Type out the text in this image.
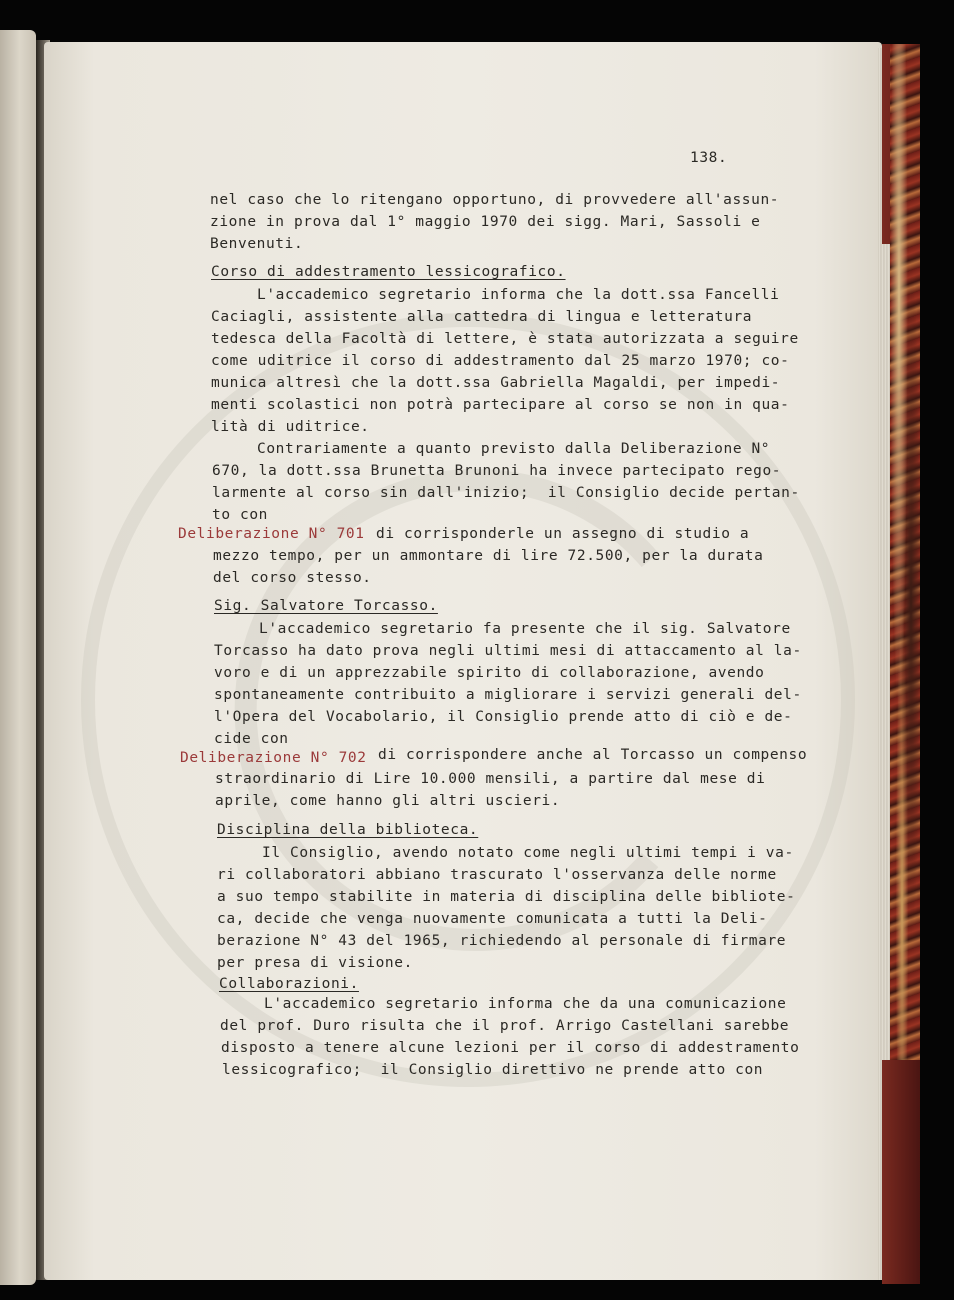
138.
nel caso che lo ritengano opportuno, di provvedere all'assun-
zione in prova dal 1° maggio 1970 dei sigg. Mari, Sassoli e
Benvenuti.
Corso di addestramento lessicografico.
L'accademico segretario informa che la dott.ssa Fancelli
Caciagli, assistente alla cattedra di lingua e letteratura
tedesca della Facoltà di lettere, è stata autorizzata a seguire
come uditrice il corso di addestramento dal 25 marzo 1970; co-
munica altresì che la dott.ssa Gabriella Magaldi, per impedi-
menti scolastici non potrà partecipare al corso se non in qua-
lità di uditrice.
Contrariamente a quanto previsto dalla Deliberazione N°
670, la dott.ssa Brunetta Brunoni ha invece partecipato rego-
larmente al corso sin dall'inizio;  il Consiglio decide pertan-
to con
Deliberazione N° 701 di corrisponderle un assegno di studio a
mezzo tempo, per un ammontare di lire 72.500, per la durata
del corso stesso.
Sig. Salvatore Torcasso.
L'accademico segretario fa presente che il sig. Salvatore
Torcasso ha dato prova negli ultimi mesi di attaccamento al la-
voro e di un apprezzabile spirito di collaborazione, avendo
spontaneamente contribuito a migliorare i servizi generali del-
l'Opera del Vocabolario, il Consiglio prende atto di ciò e de-
cide con
Deliberazione N° 702 di corrispondere anche al Torcasso un compenso
straordinario di Lire 10.000 mensili, a partire dal mese di
aprile, come hanno gli altri uscieri.
Disciplina della biblioteca.
Il Consiglio, avendo notato come negli ultimi tempi i va-
ri collaboratori abbiano trascurato l'osservanza delle norme
a suo tempo stabilite in materia di disciplina delle bibliote-
ca, decide che venga nuovamente comunicata a tutti la Deli-
berazione N° 43 del 1965, richiedendo al personale di firmare
per presa di visione.
Collaborazioni.
L'accademico segretario informa che da una comunicazione
del prof. Duro risulta che il prof. Arrigo Castellani sarebbe
disposto a tenere alcune lezioni per il corso di addestramento
lessicografico;  il Consiglio direttivo ne prende atto con
